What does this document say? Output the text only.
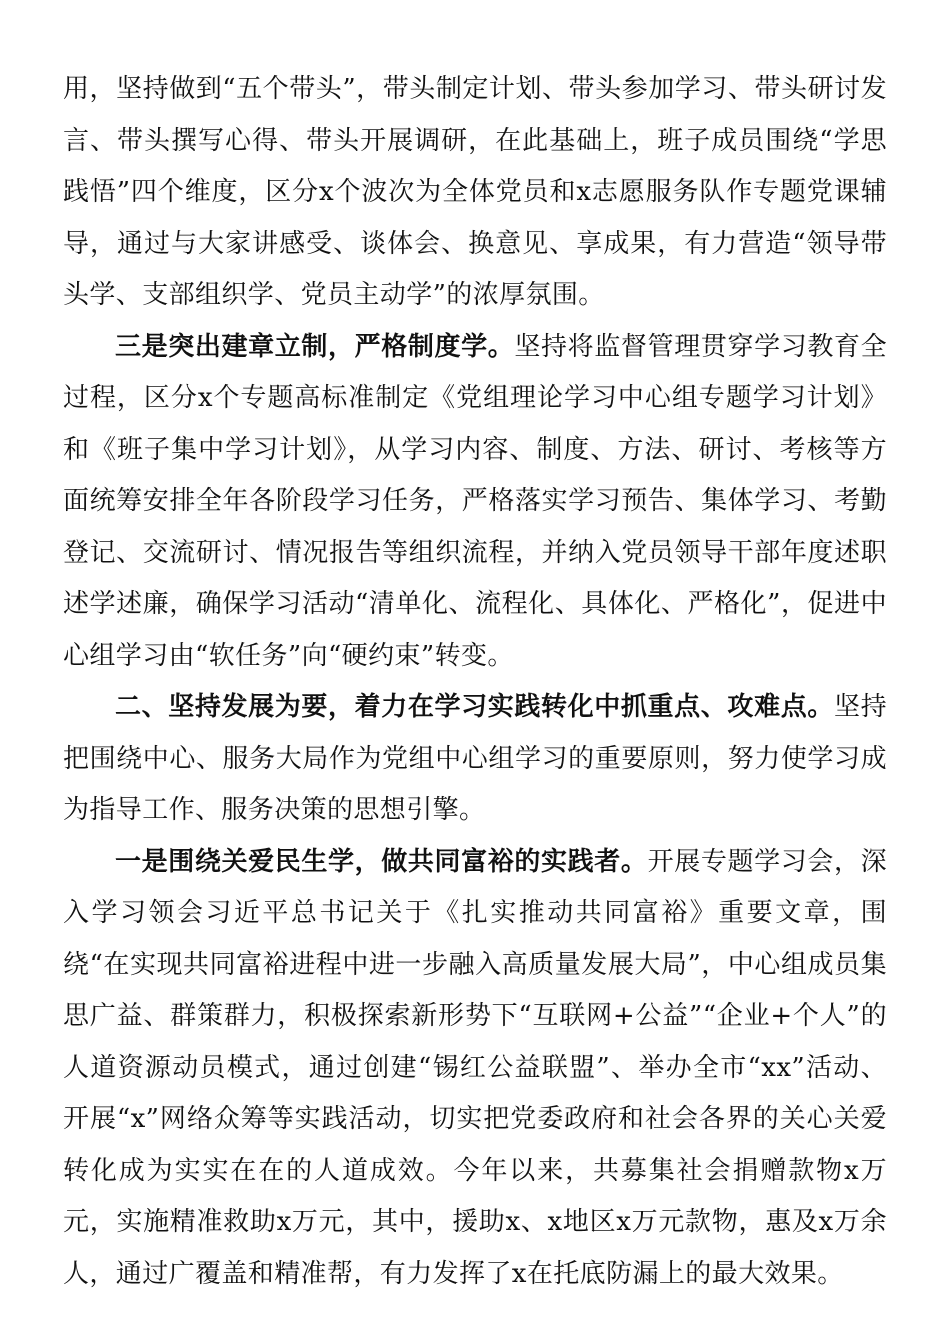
用，坚持做到“五个带头”，带头制定计划、带头参加学习、带头研讨发言、带头撰写心得、带头开展调研，在此基础上，班子成员围绕“学思践悟”四个维度，区分x个波次为全体党员和x志愿服务队作专题党课辅导，通过与大家讲感受、谈体会、换意见、享成果，有力营造“领导带头学、支部组织学、党员主动学”的浓厚氛围。

三是突出建章立制，严格制度学。坚持将监督管理贯穿学习教育全过程，区分x个专题高标准制定《党组理论学习中心组专题学习计划》和《班子集中学习计划》，从学习内容、制度、方法、研讨、考核等方面统筹安排全年各阶段学习任务，严格落实学习预告、集体学习、考勤登记、交流研讨、情况报告等组织流程，并纳入党员领导干部年度述职述学述廉，确保学习活动“清单化、流程化、具体化、严格化”，促进中心组学习由“软任务”向“硬约束”转变。

二、坚持发展为要，着力在学习实践转化中抓重点、攻难点。坚持把围绕中心、服务大局作为党组中心组学习的重要原则，努力使学习成为指导工作、服务决策的思想引擎。

一是围绕关爱民生学，做共同富裕的实践者。开展专题学习会，深入学习领会习近平总书记关于《扎实推动共同富裕》重要文章，围绕“在实现共同富裕进程中进一步融入高质量发展大局”，中心组成员集思广益、群策群力，积极探索新形势下“互联网+公益”“企业+个人”的人道资源动员模式，通过创建“锡红公益联盟”、举办全市“xx”活动、开展“x”网络众筹等实践活动，切实把党委政府和社会各界的关心关爱转化成为实实在在的人道成效。今年以来，共募集社会捐赠款物x万元，实施精准救助x万元，其中，援助x、x地区x万元款物，惠及x万余人，通过广覆盖和精准帮，有力发挥了x在托底防漏上的最大效果。
